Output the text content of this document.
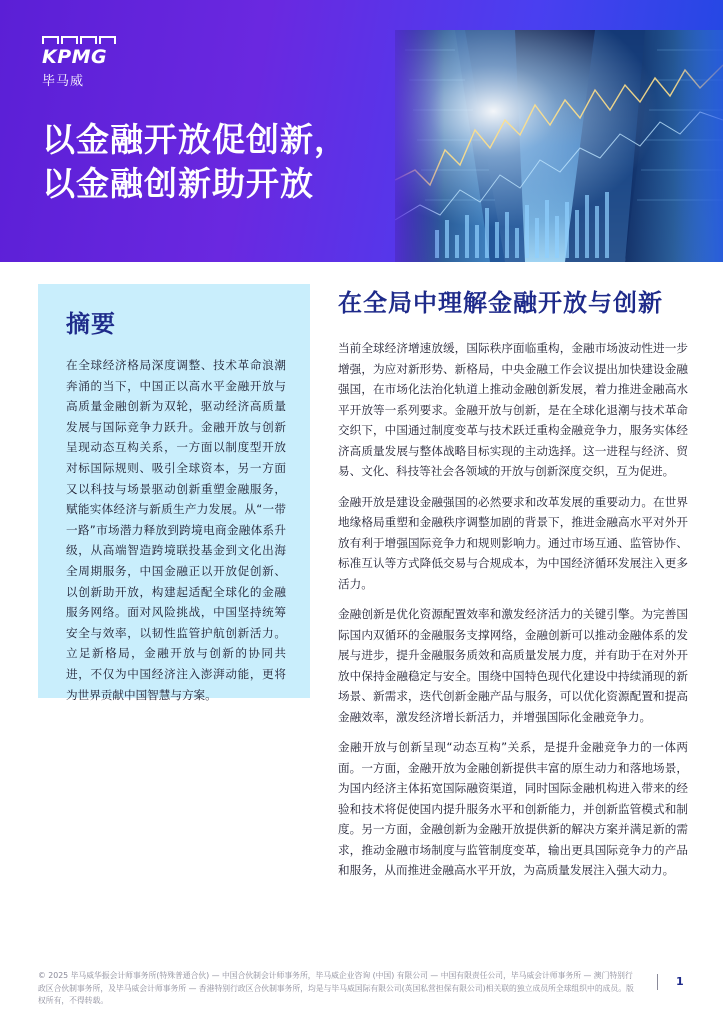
KPMG
毕马威
以金融开放促创新，
以金融创新助开放
摘要

在全球经济格局深度调整、技术革命浪潮奔涌的当下，中国正以高水平金融开放与高质量金融创新为双轮，驱动经济高质量发展与国际竞争力跃升。金融开放与创新呈现动态互构关系，一方面以制度型开放对标国际规则、吸引全球资本，另一方面又以科技与场景驱动创新重塑金融服务，赋能实体经济与新质生产力发展。从“一带一路”市场潜力释放到跨境电商金融体系升级，从高端智造跨境联投基金到文化出海全周期服务，中国金融正以开放促创新、以创新助开放，构建起适配全球化的金融服务网络。面对风险挑战，中国坚持统筹安全与效率，以韧性监管护航创新活力。立足新格局，金融开放与创新的协同共进，不仅为中国经济注入澎湃动能，更将为世界贡献中国智慧与方案。

在全局中理解金融开放与创新

当前全球经济增速放缓，国际秩序面临重构，金融市场波动性进一步增强，为应对新形势、新格局，中央金融工作会议提出加快建设金融强国，在市场化法治化轨道上推动金融创新发展，着力推进金融高水平开放等一系列要求。金融开放与创新，是在全球化退潮与技术革命交织下，中国通过制度变革与技术跃迁重构金融竞争力，服务实体经济高质量发展与整体战略目标实现的主动选择。这一进程与经济、贸易、文化、科技等社会各领域的开放与创新深度交织，互为促进。

金融开放是建设金融强国的必然要求和改革发展的重要动力。在世界地缘格局重塑和金融秩序调整加剧的背景下，推进金融高水平对外开放有利于增强国际竞争力和规则影响力。通过市场互通、监管协作、标准互认等方式降低交易与合规成本，为中国经济循环发展注入更多活力。

金融创新是优化资源配置效率和激发经济活力的关键引擎。为完善国际国内双循环的金融服务支撑网络，金融创新可以推动金融体系的发展与进步，提升金融服务质效和高质量发展力度，并有助于在对外开放中保持金融稳定与安全。围绕中国特色现代化建设中持续涌现的新场景、新需求，迭代创新金融产品与服务，可以优化资源配置和提高金融效率，激发经济增长新活力，并增强国际化金融竞争力。

金融开放与创新呈现“动态互构”关系，是提升金融竞争力的一体两面。一方面，金融开放为金融创新提供丰富的原生动力和落地场景，为国内经济主体拓宽国际融资渠道，同时国际金融机构进入带来的经验和技术将促使国内提升服务水平和创新能力，并创新监管模式和制度。另一方面，金融创新为金融开放提供新的解决方案并满足新的需求，推动金融市场制度与监管制度变革，输出更具国际竞争力的产品和服务，从而推进金融高水平开放，为高质量发展注入强大动力。

© 2025 毕马威华振会计师事务所(特殊普通合伙) — 中国合伙制会计师事务所，毕马威企业咨询 (中国) 有限公司 — 中国有限责任公司，毕马威会计师事务所 — 澳门特别行政区合伙制事务所，及毕马威会计师事务所 — 香港特别行政区合伙制事务所，均是与毕马威国际有限公司(英国私营担保有限公司)相关联的独立成员所全球组织中的成员。版权所有，不得转载。
1
